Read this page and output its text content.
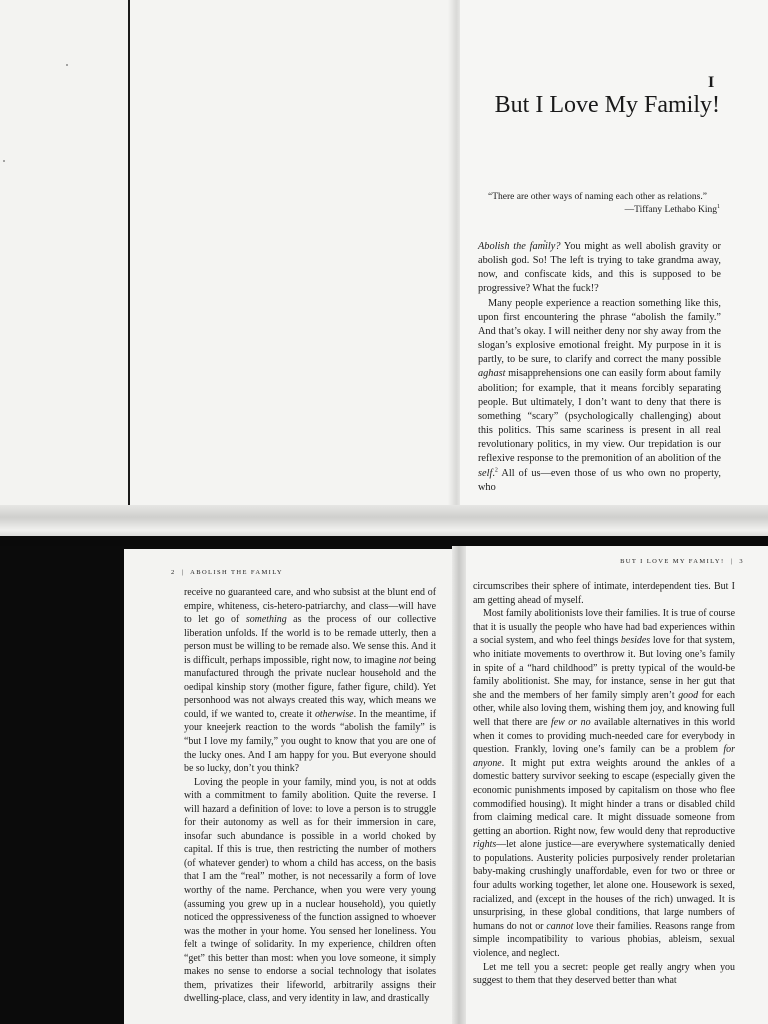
I
But I Love My Family!
“There are other ways of naming each other as relations.”
—Tiffany Lethabo King$^1$

Abolish the family? You might as well abolish gravity or abolish god. So! The left is trying to take grandma away, now, and confiscate kids, and this is supposed to be progressive? What the fuck!?

Many people experience a reaction something like this, upon first encountering the phrase “abolish the family.” And that’s okay. I will neither deny nor shy away from the slogan’s explosive emotional freight. My purpose in it is partly, to be sure, to clarify and correct the many possible aghast misapprehensions one can easily form about family abolition; for example, that it means forcibly separating people. But ultimately, I don’t want to deny that there is something “scary” (psychologically challenging) about this politics. This same scariness is present in all real revolutionary politics, in my view. Our trepidation is our reflexive response to the premonition of an abolition of the self.$^2$ All of us—even those of us who own no property, who

2  |  ABOLISH THE FAMILY
BUT I LOVE MY FAMILY!  |  3

receive no guaranteed care, and who subsist at the blunt end of empire, whiteness, cis-hetero-patriarchy, and class—will have to let go of something as the process of our collective liberation unfolds. If the world is to be remade utterly, then a person must be willing to be remade also. We sense this. And it is difficult, perhaps impossible, right now, to imagine not being manufactured through the private nuclear household and the oedipal kinship story (mother figure, father figure, child). Yet personhood was not always created this way, which means we could, if we wanted to, create it otherwise. In the meantime, if your kneejerk reaction to the words “abolish the family” is “but I love my family,” you ought to know that you are one of the lucky ones. And I am happy for you. But everyone should be so lucky, don’t you think?

Loving the people in your family, mind you, is not at odds with a commitment to family abolition. Quite the reverse. I will hazard a definition of love: to love a person is to struggle for their autonomy as well as for their immersion in care, insofar such abundance is possible in a world choked by capital. If this is true, then restricting the number of mothers (of whatever gender) to whom a child has access, on the basis that I am the “real” mother, is not necessarily a form of love worthy of the name. Perchance, when you were very young (assuming you grew up in a nuclear household), you quietly noticed the oppressiveness of the function assigned to whoever was the mother in your home. You sensed her loneliness. You felt a twinge of solidarity. In my experience, children often “get” this better than most: when you love someone, it simply makes no sense to endorse a social technology that isolates them, privatizes their lifeworld, arbitrarily assigns their dwelling-place, class, and very identity in law, and drastically

circumscribes their sphere of intimate, interdependent ties. But I am getting ahead of myself.

Most family abolitionists love their families. It is true of course that it is usually the people who have had bad experiences within a social system, and who feel things besides love for that system, who initiate movements to overthrow it. But loving one’s family in spite of a “hard childhood” is pretty typical of the would-be family abolitionist. She may, for instance, sense in her gut that she and the members of her family simply aren’t good for each other, while also loving them, wishing them joy, and knowing full well that there are few or no available alternatives in this world when it comes to providing much-needed care for everybody in question. Frankly, loving one’s family can be a problem for anyone. It might put extra weights around the ankles of a domestic battery survivor seeking to escape (especially given the economic punishments imposed by capitalism on those who flee commodified housing). It might hinder a trans or disabled child from claiming medical care. It might dissuade someone from getting an abortion. Right now, few would deny that reproductive rights—let alone justice—are everywhere systematically denied to populations. Austerity policies purposively render proletarian baby-making crushingly unaffordable, even for two or three or four adults working together, let alone one. Housework is sexed, racialized, and (except in the houses of the rich) unwaged. It is unsurprising, in these global conditions, that large numbers of humans do not or cannot love their families. Reasons range from simple incompatibility to various phobias, ableism, sexual violence, and neglect.

Let me tell you a secret: people get really angry when you suggest to them that they deserved better than what
